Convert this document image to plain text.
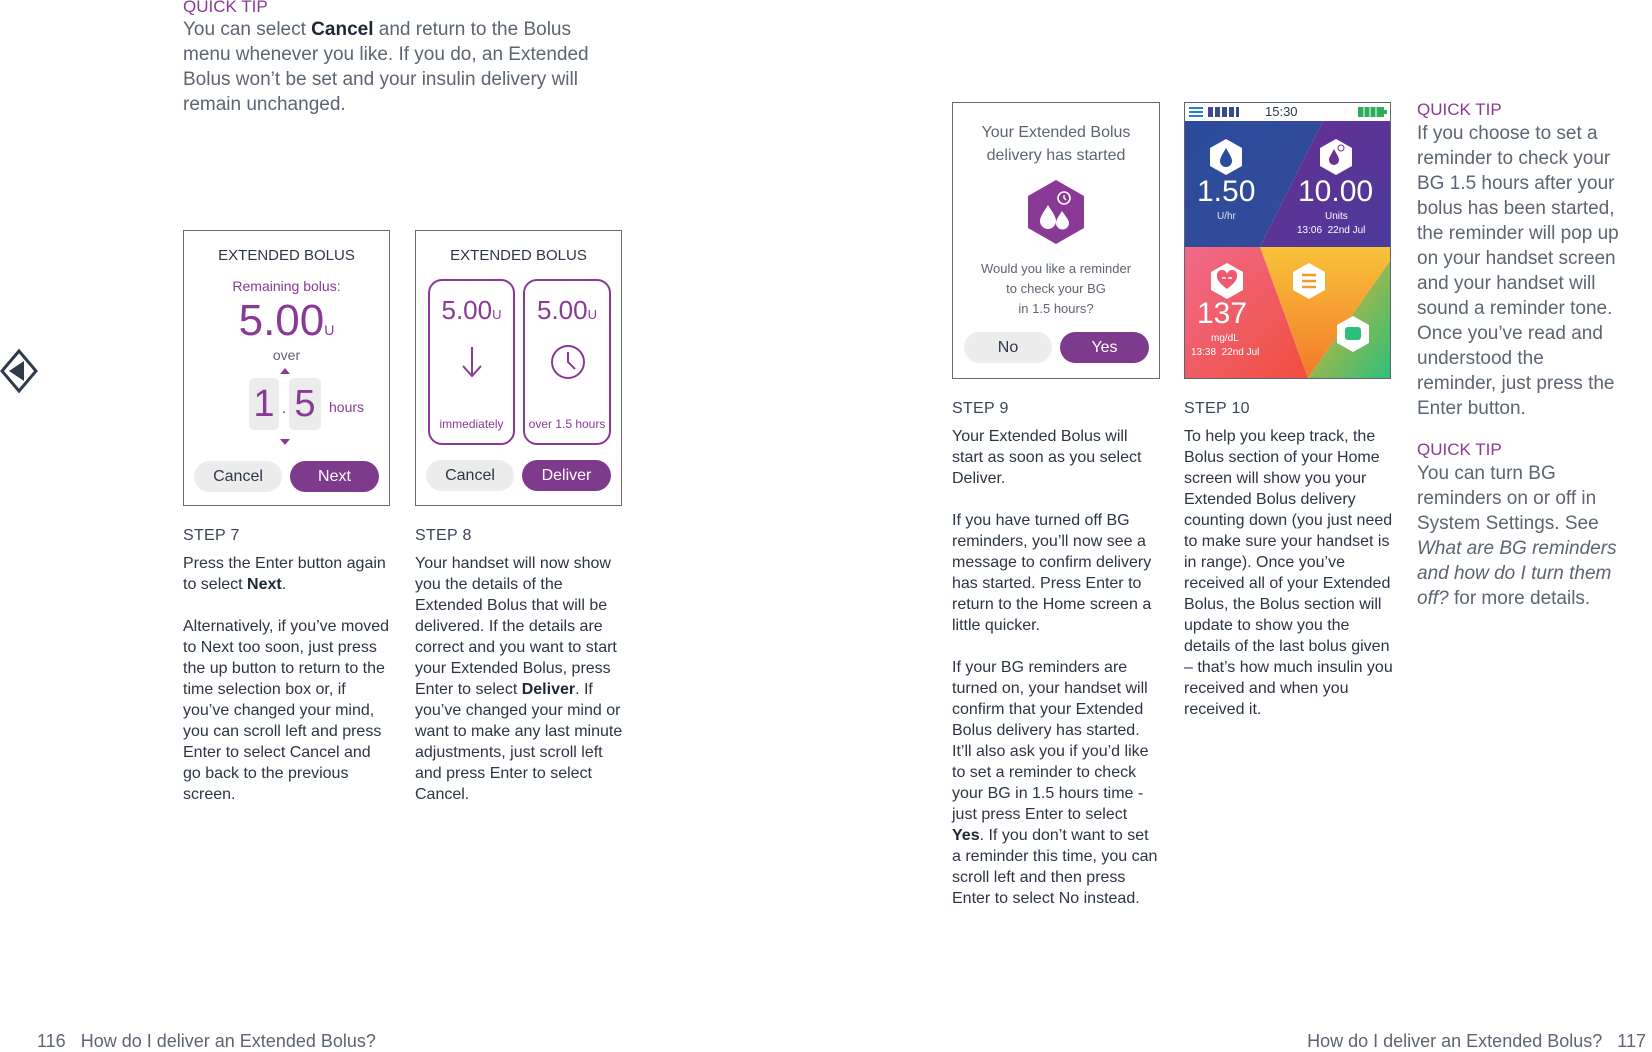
QUICK TIP
You can select Cancel and return to the Bolus menu whenever you like. If you do, an Extended Bolus won’t be set and your insulin delivery will remain unchanged.
EXTENDED BOLUS
Remaining bolus:
5.00U
over
1 . 5 hours
Cancel	Next
EXTENDED BOLUS
5.00U
immediately
5.00U
over 1.5 hours
Cancel	Deliver
STEP 7

Press the Enter button again to select Next.

Alternatively, if you’ve moved to Next too soon, just press the up button to return to the time selection box or, if you’ve changed your mind, you can scroll left and press Enter to select Cancel and go back to the previous screen.

STEP 8

Your handset will now show you the details of the Extended Bolus that will be delivered. If the details are correct and you want to start your Extended Bolus, press Enter to select Deliver. If you’ve changed your mind or want to make any last minute adjustments, just scroll left and press Enter to select Cancel.

Your Extended Bolus
delivery has started
Would you like a reminder
to check your BG
in 1.5 hours?
No	Yes
15:30
1.50
U/hr
10.00
Units
13:06 22nd Jul
137
mg/dL
13:38 22nd Jul
STEP 9

Your Extended Bolus will start as soon as you select Deliver.

If you have turned off BG reminders, you’ll now see a message to confirm delivery has started. Press Enter to return to the Home screen a little quicker.

If your BG reminders are turned on, your handset will confirm that your Extended Bolus delivery has started. It’ll also ask you if you’d like to set a reminder to check your BG in 1.5 hours time - just press Enter to select Yes. If you don’t want to set a reminder this time, you can scroll left and then press Enter to select No instead.

STEP 10

To help you keep track, the Bolus section of your Home screen will show you your Extended Bolus delivery counting down (you just need to make sure your handset is in range). Once you’ve received all of your Extended Bolus, the Bolus section will update to show you the details of the last bolus given – that’s how much insulin you received and when you received it.

QUICK TIP
If you choose to set a reminder to check your BG 1.5 hours after your bolus has been started, the reminder will pop up on your handset screen and your handset will sound a reminder tone. Once you’ve read and understood the reminder, just press the Enter button.
QUICK TIP
You can turn BG reminders on or off in System Settings. See What are BG reminders and how do I turn them off? for more details.
116 How do I deliver an Extended Bolus?	How do I deliver an Extended Bolus? 117
